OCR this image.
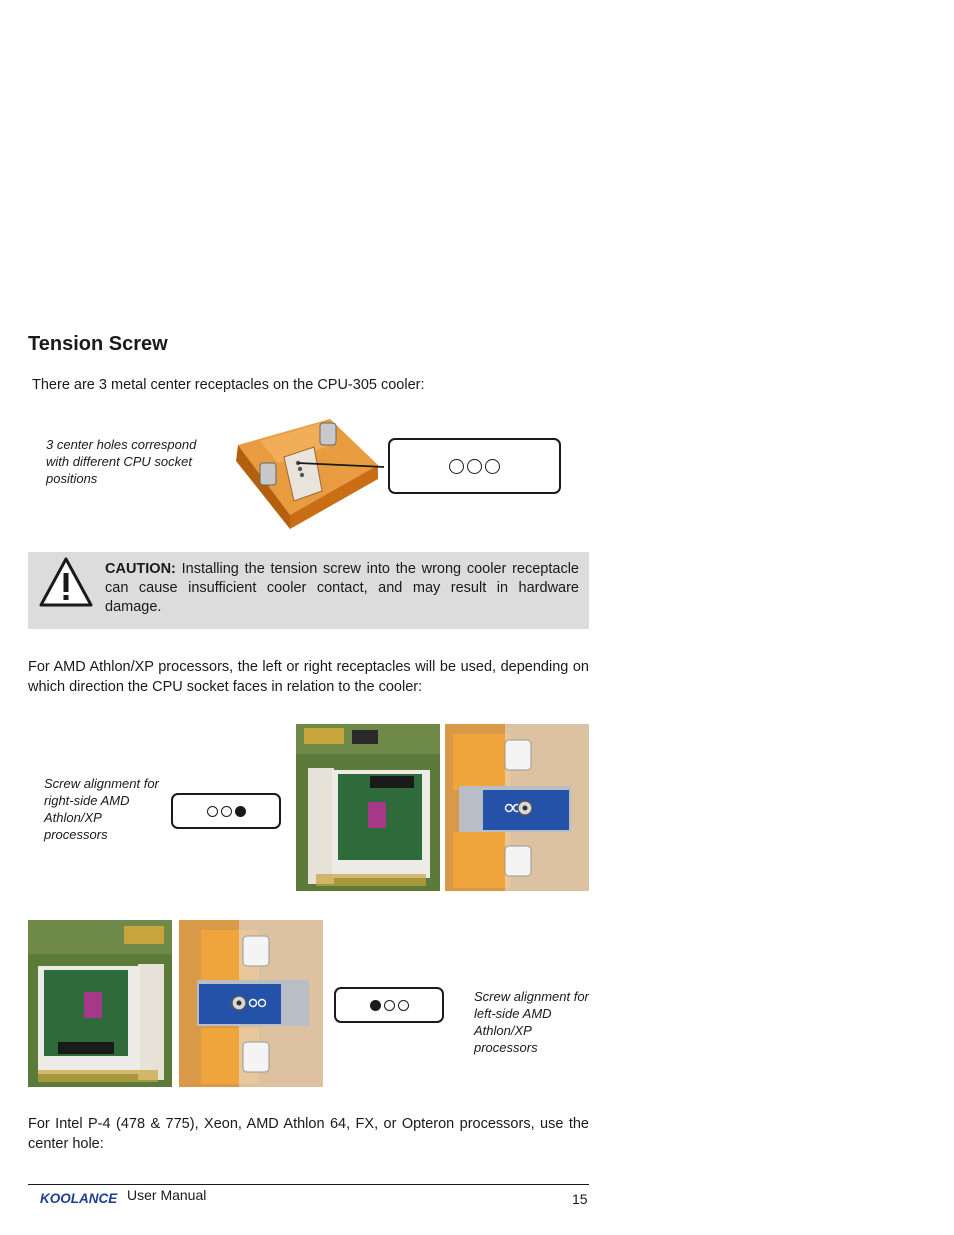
Tension Screw
There are 3 metal center receptacles on the CPU-305 cooler:
3 center holes correspond with different CPU socket positions
CAUTION: Installing the tension screw into the wrong cooler receptacle can cause insufficient cooler contact, and may result in hardware damage.
For AMD Athlon/XP processors, the left or right receptacles will be used, depending on which direction the CPU socket faces in relation to the cooler:
Screw alignment for right-side AMD Athlon/XP processors
Screw alignment for left-side AMD Athlon/XP processors
For Intel P-4 (478 & 775), Xeon, AMD Athlon 64, FX, or Opteron processors, use the center hole:
KOOLANCE User Manual	15
